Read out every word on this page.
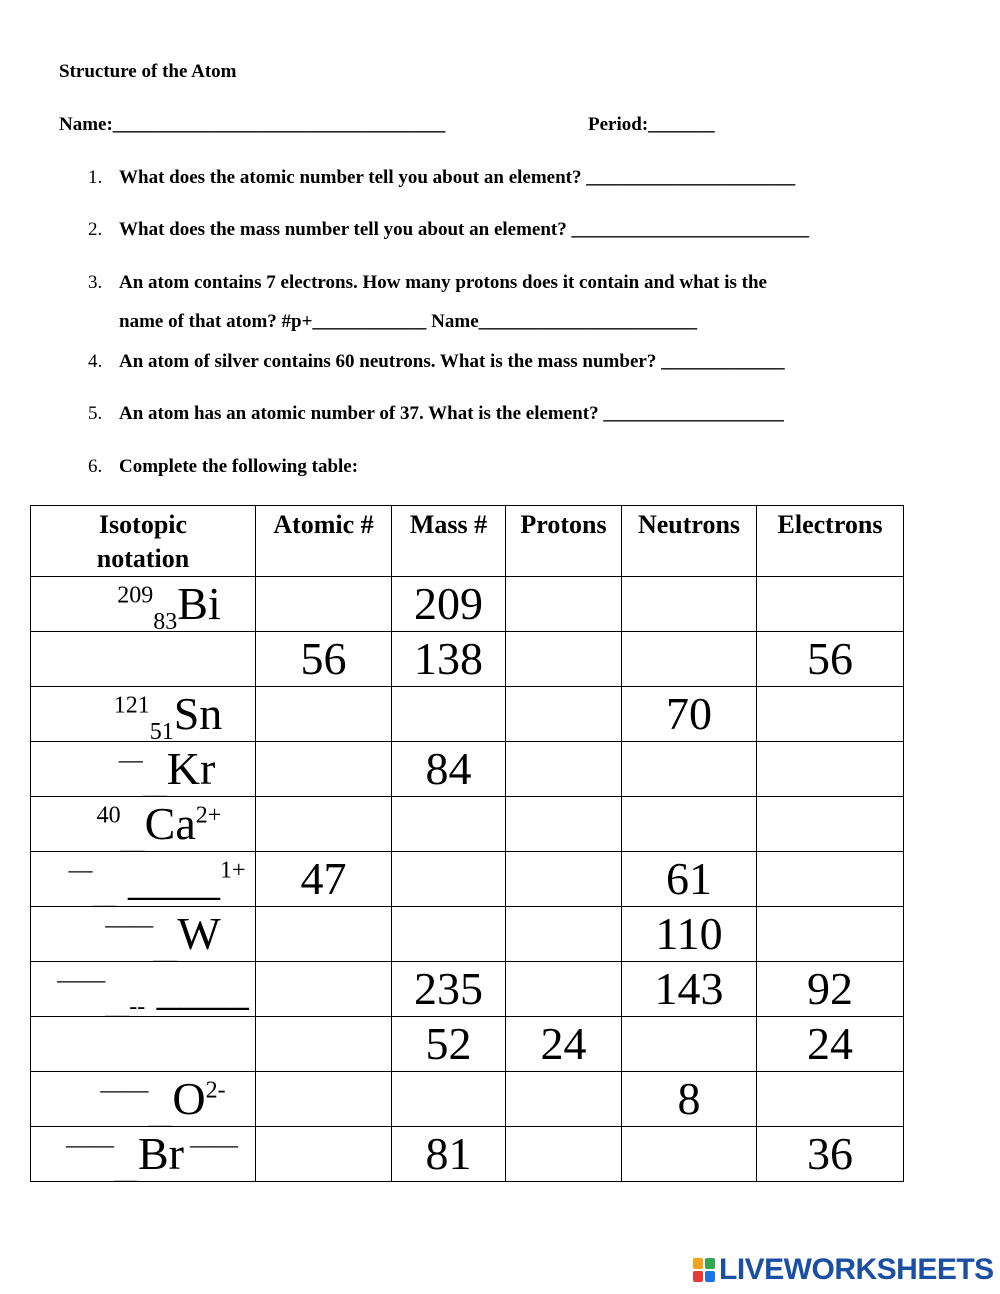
Structure of the Atom
Name:___________________________________	Period:_______
1. What does the atomic number tell you about an element? ______________________
2. What does the mass number tell you about an element? _________________________
3. An atom contains 7 electrons. How many protons does it contain and what is the
name of that atom? #p+____________ Name_______________________
4. An atom of silver contains 60 neutrons. What is the mass number? _____________
5. An atom has an atomic number of 37. What is the element? ___________________
6. Complete the following table:
Isotopic
notation	Atomic #	Mass #	Protons	Neutrons	Electrons
$^{209}_{83}$Bi		209			
	56	138			56
$^{121}_{51}$Sn				70	
—$_{\_\_}$Kr		84			
$^{40}_{\_\_}Ca^{2+}$					
—$_{\_\_}$ ____$^{1+}$	47			61	
——$_{\_\_}$W				110	
——$_{\_\_--}$ ____		235		143	92
		52	24		24
$^{——}_{\_\_}O^{2-}$				8	
——$_{\_\_}$Br ——		81			36
LIVEWORKSHEETS
